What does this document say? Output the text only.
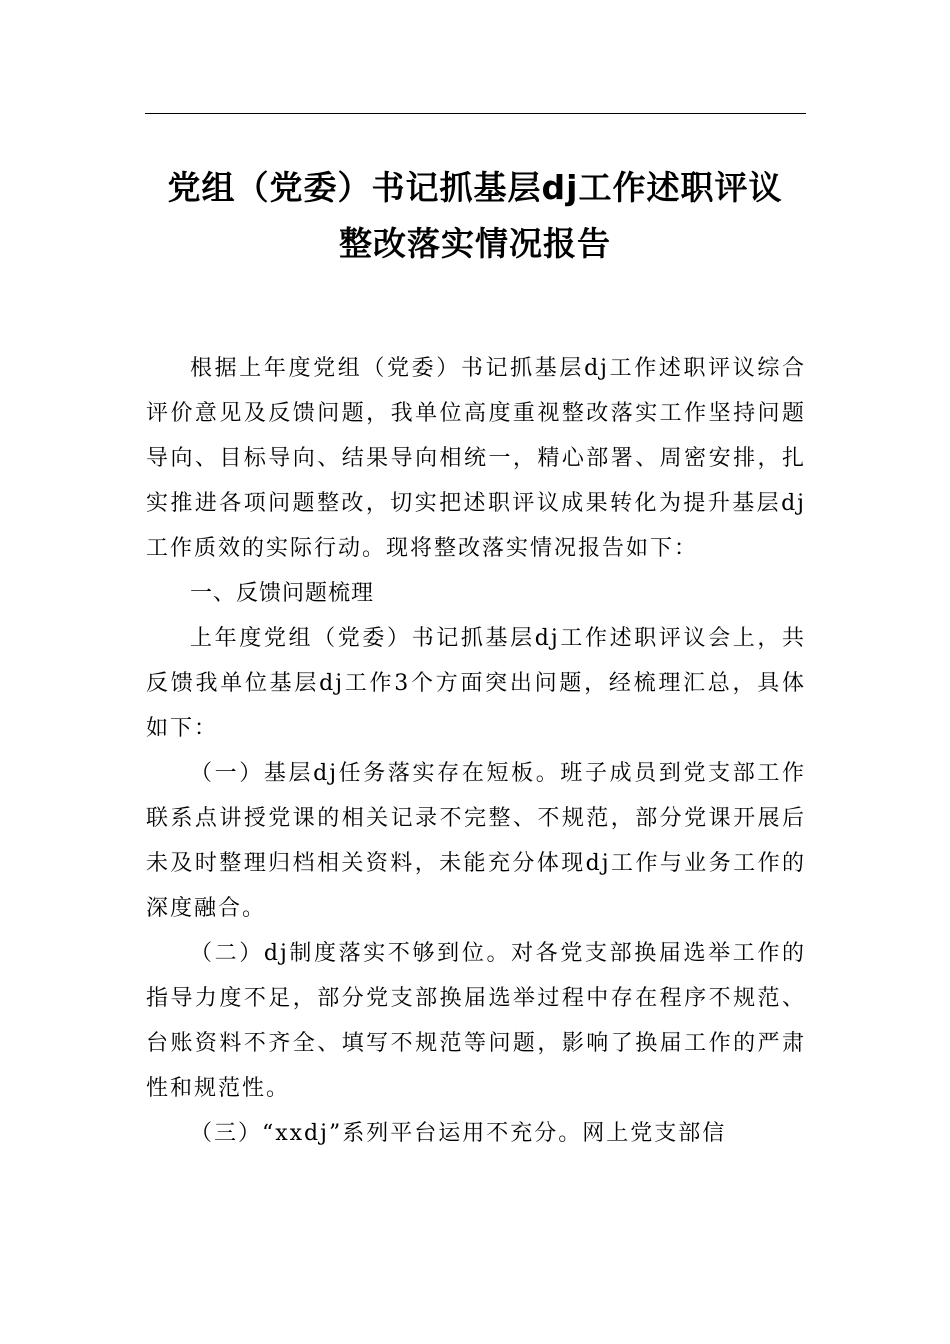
党组（党委）书记抓基层dj工作述职评议
整改落实情况报告

根据上年度党组（党委）书记抓基层dj工作述职评议综合评价意见及反馈问题，我单位高度重视整改落实工作坚持问题导向、目标导向、结果导向相统一，精心部署、周密安排，扎实推进各项问题整改，切实把述职评议成果转化为提升基层dj工作质效的实际行动。现将整改落实情况报告如下：

一、反馈问题梳理

上年度党组（党委）书记抓基层dj工作述职评议会上，共反馈我单位基层dj工作3个方面突出问题，经梳理汇总，具体如下：

（一）基层dj任务落实存在短板。班子成员到党支部工作联系点讲授党课的相关记录不完整、不规范，部分党课开展后未及时整理归档相关资料，未能充分体现dj工作与业务工作的深度融合。

（二）dj制度落实不够到位。对各党支部换届选举工作的指导力度不足，部分党支部换届选举过程中存在程序不规范、台账资料不齐全、填写不规范等问题，影响了换届工作的严肃性和规范性。

（三）“xxdj”系列平台运用不充分。网上党支部信
